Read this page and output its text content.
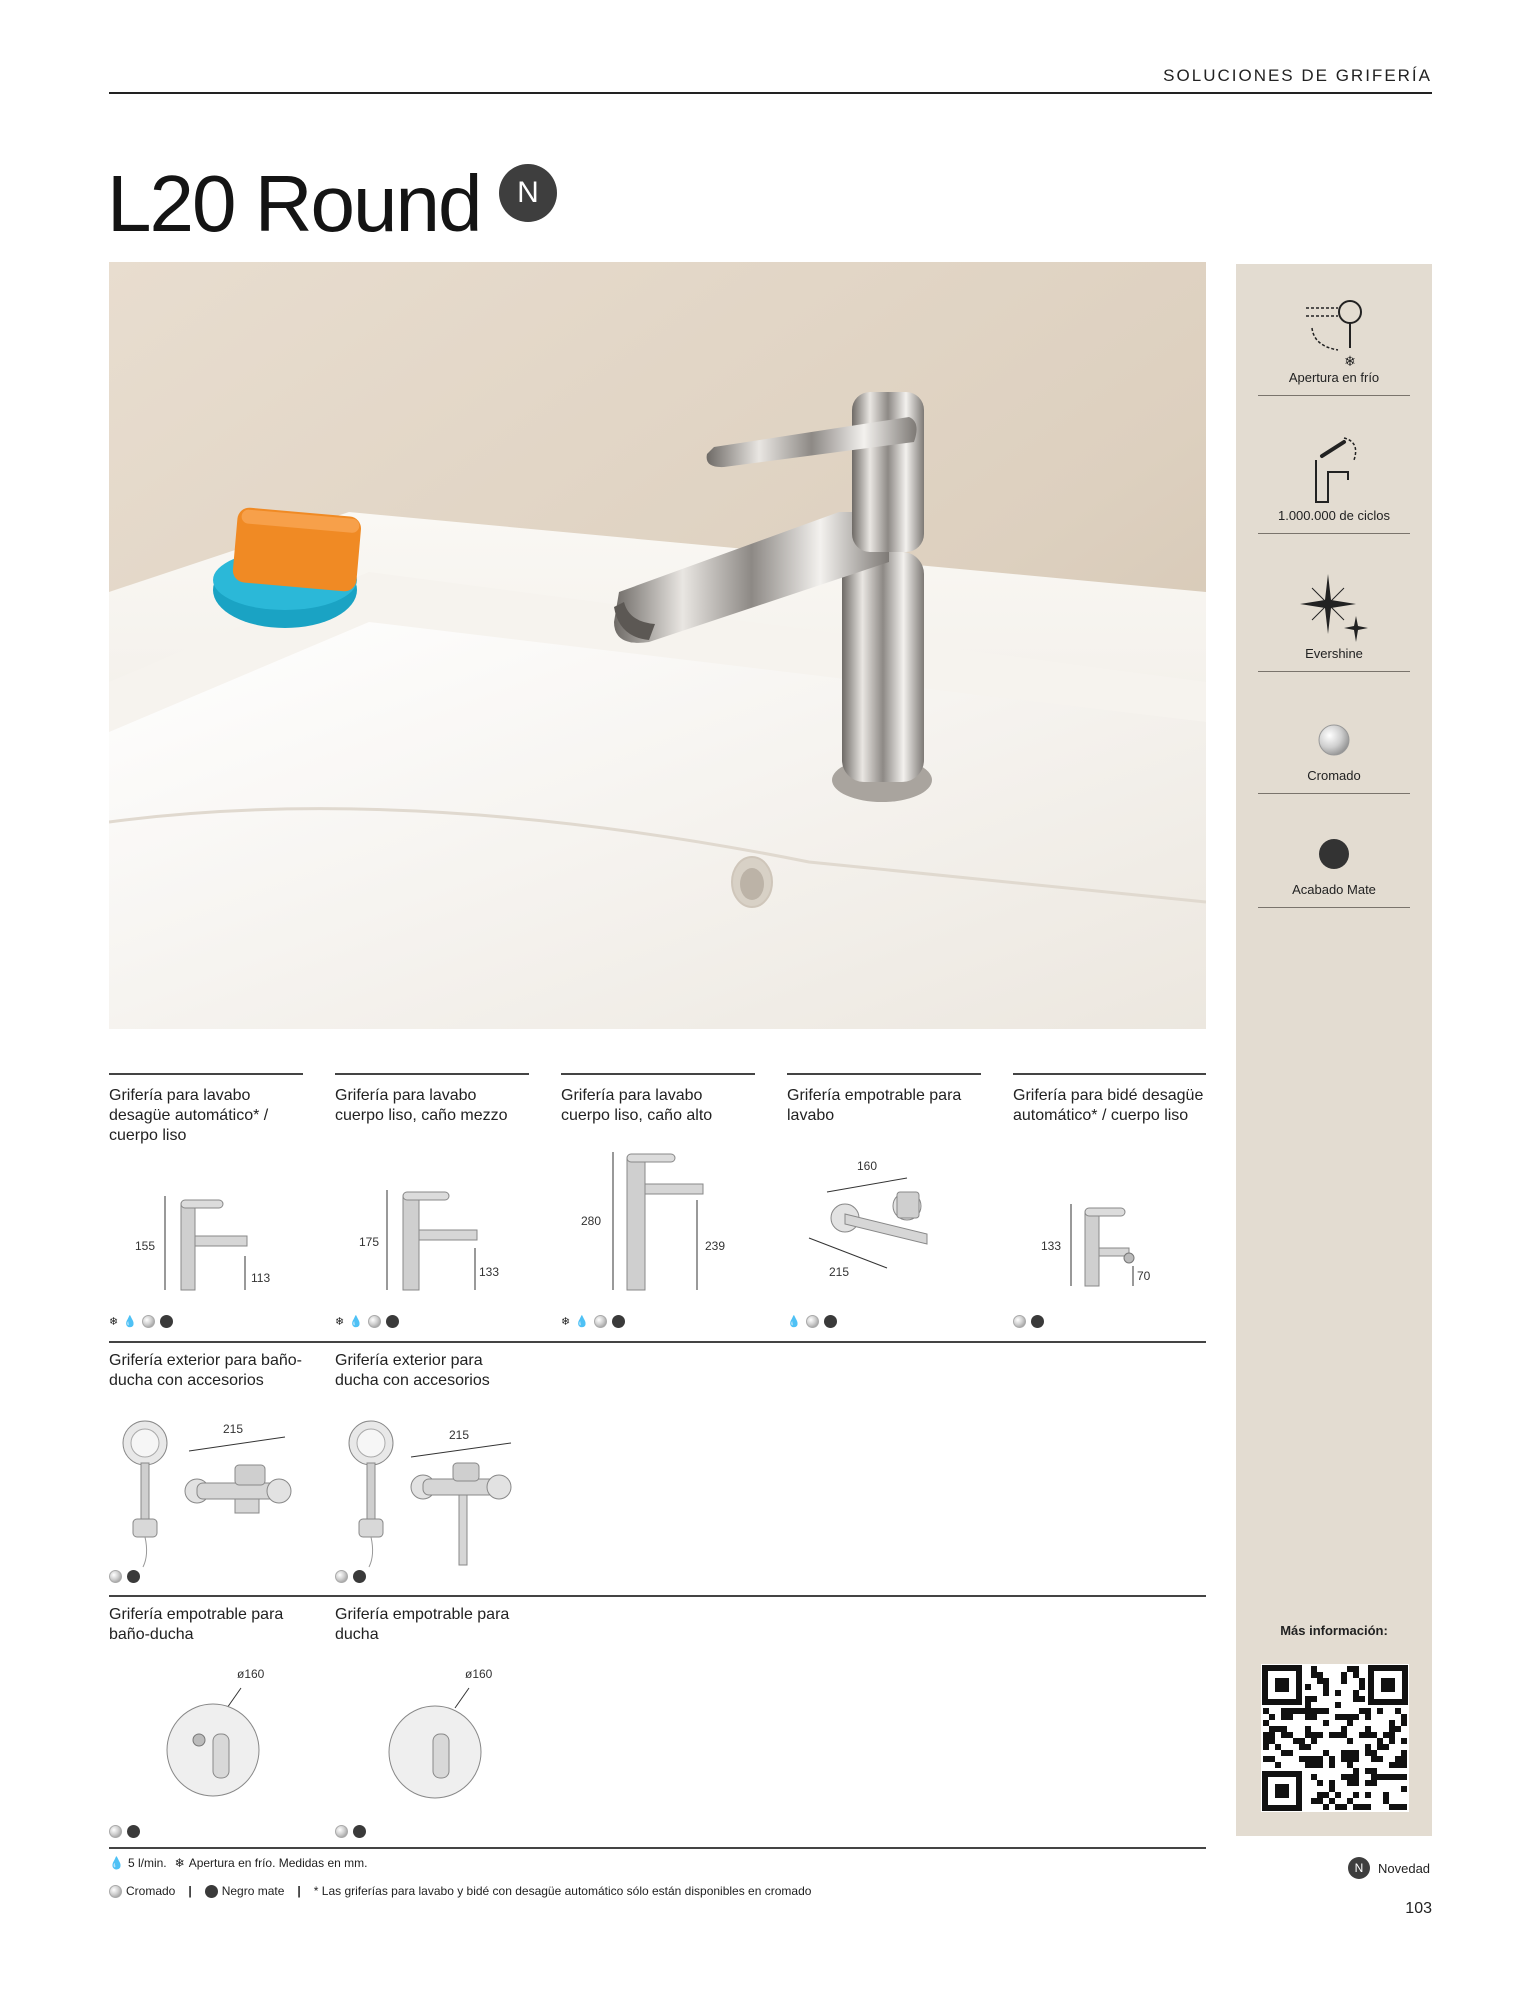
SOLUCIONES DE GRIFERÍA
L20 Round	N
❄
Apertura en frío
1.000.000 de ciclos
Evershine
Cromado
Acabado Mate
Más información:

Grifería para lavabo desagüe automático* / cuerpo liso

155
113
❄ 💧

Grifería para lavabo cuerpo liso, caño mezzo

175
133
❄ 💧

Grifería para lavabo cuerpo liso, caño alto

280
239
❄ 💧

Grifería empotrable para lavabo

160
215
💧

Grifería para bidé desagüe automático* / cuerpo liso

133
70

Grifería exterior para baño-ducha con accesorios

215

Grifería exterior para ducha con accesorios

215

Grifería empotrable para baño-ducha

ø160

Grifería empotrable para ducha

ø160
💧 5 l/min. ❄ Apertura en frío. Medidas en mm.
Cromado |	Negro mate | * Las griferías para lavabo y bidé con desagüe automático sólo están disponibles en cromado
N	Novedad
103
